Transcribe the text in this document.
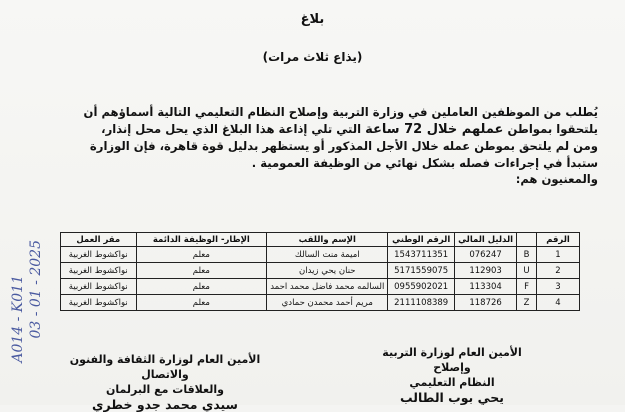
بلاغ
(يذاع ثلاث مرات)

يُطلب من الموظفين العاملين في وزارة التربية وإصلاح النظام التعليمي التالية أسماؤهم أن

يلتحقوا بمواطن عملهم خلال 72 ساعة التي تلي إذاعة هذا البلاغ الذي يحل محل إنذار،

ومن لم يلتحق بموطن عمله خلال الأجل المذكور أو يستظهر بدليل قوة قاهرة، فإن الوزارة

ستبدأ في إجراءات فصله بشكل نهائي من الوظيفة العمومية .

والمعنيون هم:

A014 - K011 03 - 01 - 2025
الرقم		الدليل المالي	الرقم الوطني	الإسم واللقب	الإطار- الوظيفة الدائمة	مقر العمل
1	B	076247	1543711351	اميمة منت السالك	معلم	نواكشوط الغربية
2	U	112903	5171559075	حنان يحي زيدان	معلم	نواكشوط الغربية
3	F	113304	0955902021	السالمه محمد فاضل محمد احمد	معلم	نواكشوط الغربية
4	Z	118726	2111108389	مريم أحمد محمدن حمادي	معلم	نواكشوط الغربية
الأمين العام لوزارة التربية وإصلاح
النظام التعليمي
يحي بوب الطالب
الأمين العام لوزارة الثقافة والفنون والاتصال
والعلاقات مع البرلمان
سيدي محمد جدو خطري
